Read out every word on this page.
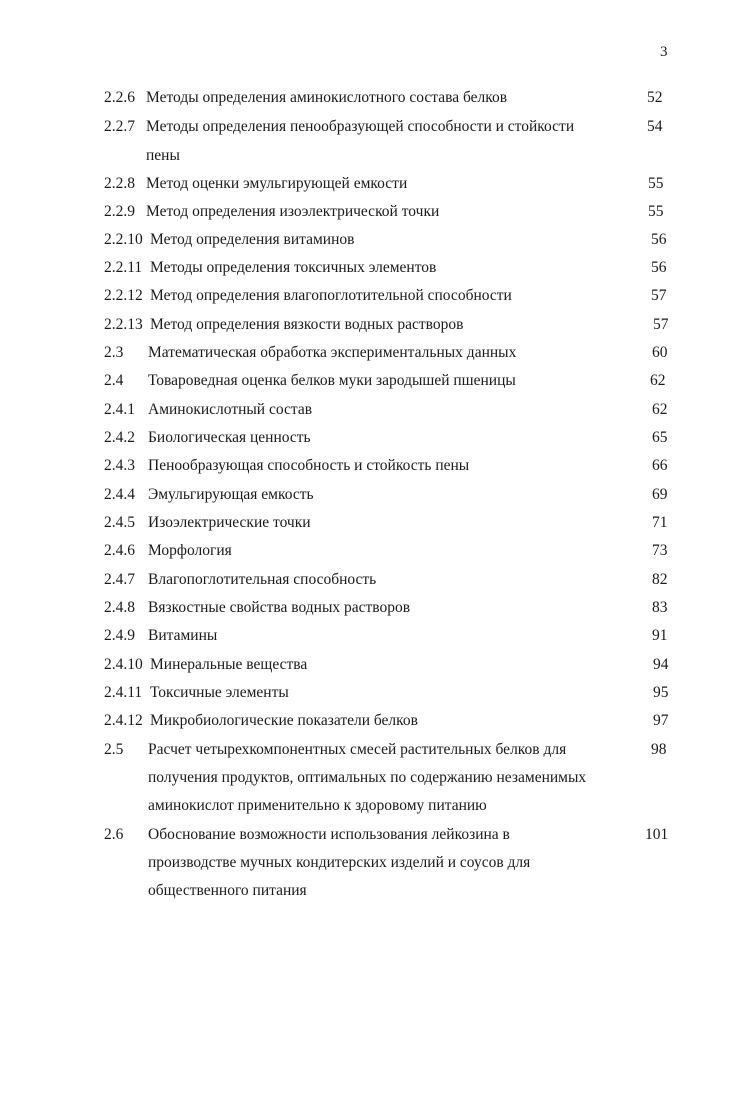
3
2.2.6 Методы определения аминокислотного состава белков	52
2.2.7 Методы определения пенообразующей способности и стойкости	54
пены
2.2.8 Метод оценки эмульгирующей емкости	55
2.2.9 Метод определения изоэлектрической точки	55
2.2.10 Метод определения витаминов	56
2.2.11 Методы определения токсичных элементов	56
2.2.12 Метод определения влагопоглотительной способности	57
2.2.13 Метод определения вязкости водных растворов	57
2.3 Математическая обработка экспериментальных данных	60
2.4 Товароведная оценка белков муки зародышей пшеницы	62
2.4.1 Аминокислотный состав	62
2.4.2 Биологическая ценность	65
2.4.3 Пенообразующая способность и стойкость пены	66
2.4.4 Эмульгирующая емкость	69
2.4.5 Изоэлектрические точки	71
2.4.6 Морфология	73
2.4.7 Влагопоглотительная способность	82
2.4.8 Вязкостные свойства водных растворов	83
2.4.9 Витамины	91
2.4.10 Минеральные вещества	94
2.4.11 Токсичные элементы	95
2.4.12 Микробиологические показатели белков	97
2.5 Расчет четырехкомпонентных смесей растительных белков для	98
получения продуктов, оптимальных по содержанию незаменимых
аминокислот применительно к здоровому питанию
2.6 Обоснование возможности использования лейкозина в	101
производстве мучных кондитерских изделий и соусов для
общественного питания
